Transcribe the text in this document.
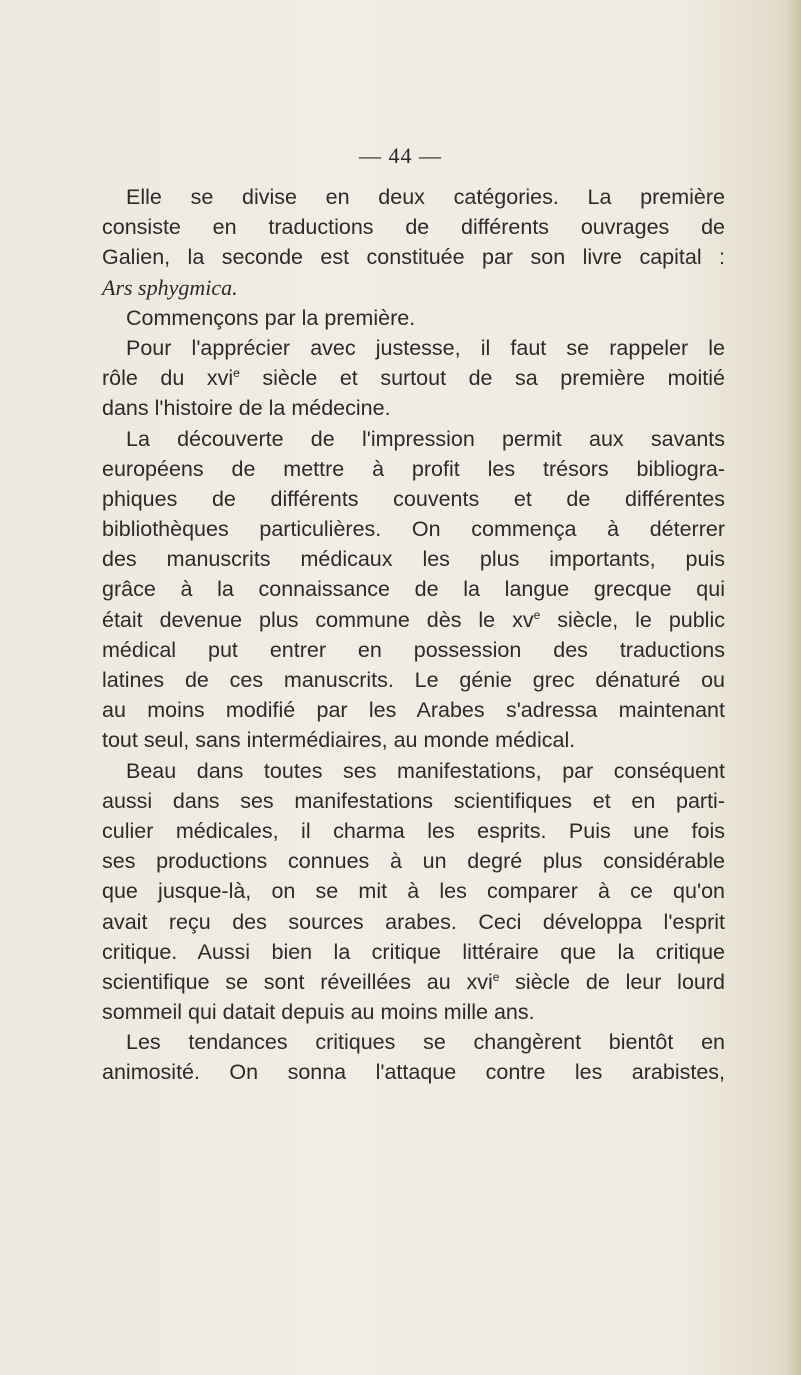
— 44 —
Elle se divise en deux catégories. La première
consiste en traductions de différents ouvrages de
Galien, la seconde est constituée par son livre capital :
Ars sphygmica.
Commençons par la première.
Pour l'apprécier avec justesse, il faut se rappeler le
rôle du xvi$^e$ siècle et surtout de sa première moitié
dans l'histoire de la médecine.
La découverte de l'impression permit aux savants
européens de mettre à profit les trésors bibliogra-
phiques de différents couvents et de différentes
bibliothèques particulières. On commença à déterrer
des manuscrits médicaux les plus importants, puis
grâce à la connaissance de la langue grecque qui
était devenue plus commune dès le $xv^e$ siècle, le public
médical put entrer en possession des traductions
latines de ces manuscrits. Le génie grec dénaturé ou
au moins modifié par les Arabes s'adressa maintenant
tout seul, sans intermédiaires, au monde médical.
Beau dans toutes ses manifestations, par conséquent
aussi dans ses manifestations scientifiques et en parti-
culier médicales, il charma les esprits. Puis une fois
ses productions connues à un degré plus considérable
que jusque-là, on se mit à les comparer à ce qu'on
avait reçu des sources arabes. Ceci développa l'esprit
critique. Aussi bien la critique littéraire que la critique
scientifique se sont réveillées au xvi$^e$ siècle de leur lourd
sommeil qui datait depuis au moins mille ans.
Les tendances critiques se changèrent bientôt en
animosité. On sonna l'attaque contre les arabistes,
